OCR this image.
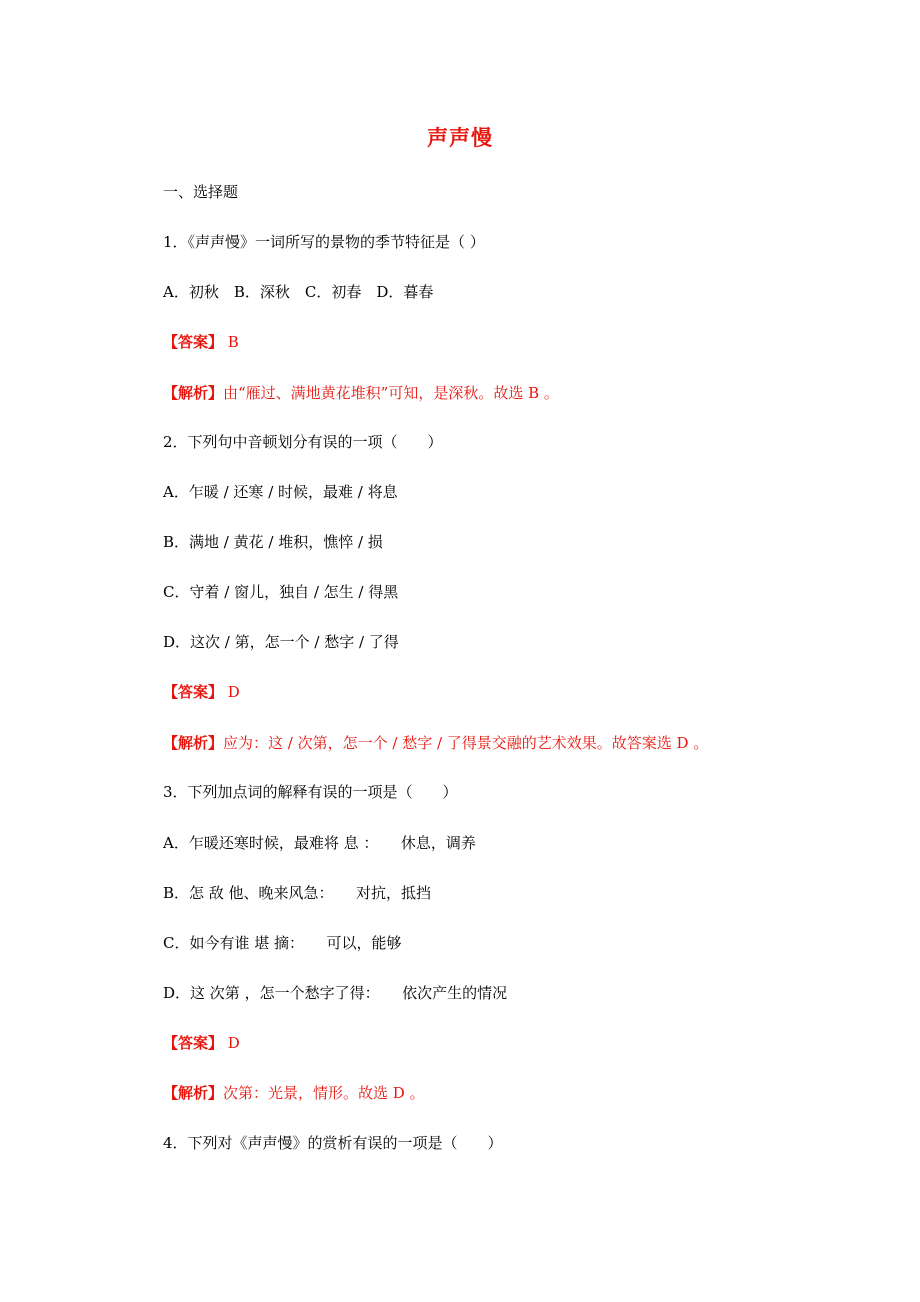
声声慢
一、选择题
1．《声声慢》一词所写的景物的季节特征是（ ）
A．初秋　B．深秋　C．初春　D．暮春
【答案】 B
【解析】由“雁过、满地黄花堆积”可知，是深秋。故选 B 。
2．下列句中音顿划分有误的一项（　　）
A．乍暖 / 还寒 / 时候，最难 / 将息
B．满地 / 黄花 / 堆积，憔悴 / 损
C．守着 / 窗儿，独自 / 怎生 / 得黑
D．这次 / 第，怎一个 / 愁字 / 了得
【答案】 D
【解析】应为：这 / 次第，怎一个 / 愁字 / 了得景交融的艺术效果。故答案选 D 。
3．下列加点词的解释有误的一项是（　　）
A．乍暖还寒时候，最难将 息 ：　　休息，调养
B．怎 敌 他、晚来风急：　　对抗，抵挡
C．如今有谁 堪 摘：　　可以，能够
D．这 次第 ，怎一个愁字了得：　　依次产生的情况
【答案】 D
【解析】次第：光景，情形。故选 D 。
4．下列对《声声慢》的赏析有误的一项是（　　）
